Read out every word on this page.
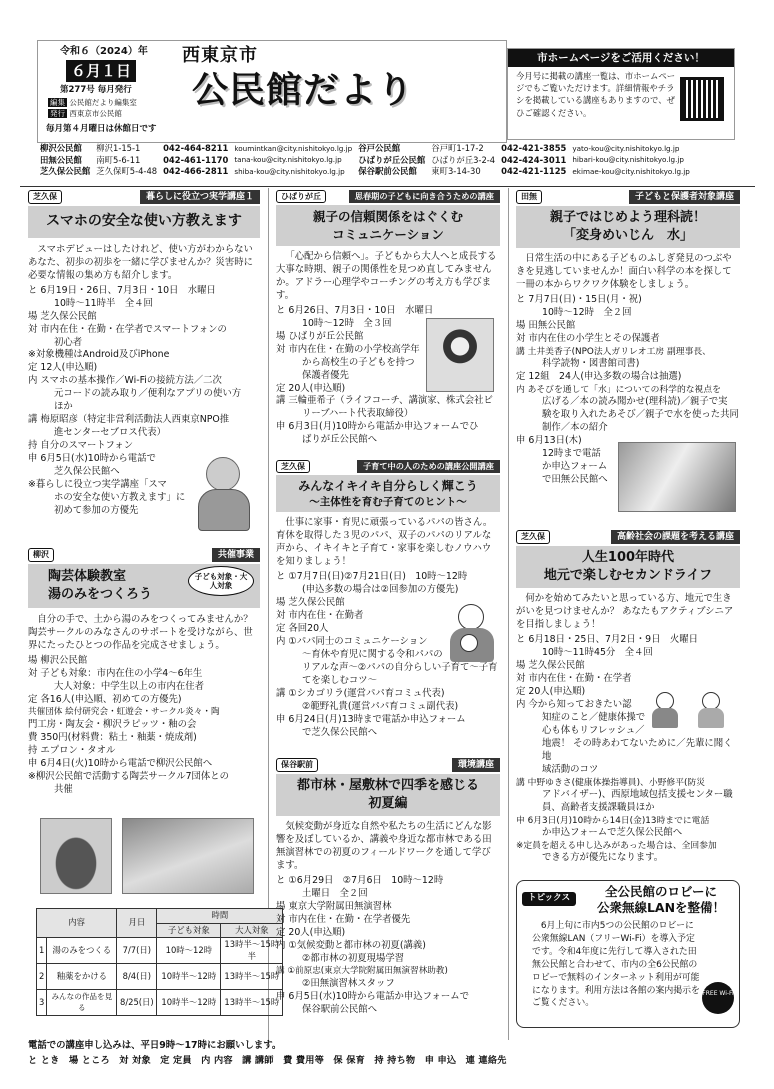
令和６（2024）年
６月１日
第277号 毎月発行
編集 公民館だより編集室
発行 西東京市公民館
毎月第４月曜日は休館日です
西東京市
公民館だより
市ホームページをご活用ください！
今月号に掲載の講座一覧は、市ホームページでもご覧いただけます。詳細情報やチラシを掲載している講座もありますので、ぜひご確認ください。
柳沢公民館	柳沢1-15-1	042-464-8211	koumintkan@city.nishitokyo.lg.jp	谷戸公民館	谷戸町1-17-2	042-421-3855	yato-kou@city.nishitokyo.lg.jp
田無公民館	南町5-6-11	042-461-1170	tana-kou@city.nishitokyo.lg.jp	ひばりが丘公民館	ひばりが丘3-2-4	042-424-3011	hibari-kou@city.nishitokyo.lg.jp
芝久保公民館	芝久保町5-4-48	042-466-2811	shiba-kou@city.nishitokyo.lg.jp	保谷駅前公民館	東町3-14-30	042-421-1125	ekimae-kou@city.nishitokyo.lg.jp
芝久保	暮らしに役立つ実学講座１
スマホの安全な使い方教えます

スマホデビューはしたけれど、使い方がわからないあなた、初歩の初歩を一緒に学びませんか？災害時に必要な情報の集め方も紹介します。

と 6月19日・26日、7月3日・10日　水曜日
10時～11時半　全４回
場 芝久保公民館
対 市内在住・在勤・在学者でスマートフォンの
初心者
※対象機種はAndroid及びiPhone
定 12人(申込順)
内 スマホの基本操作／Wi-Fiの接続方法／二次
元コードの読み取り／便利なアプリの使い方
ほか
講 梅原昭彦（特定非営利活動法人西東京NPO推
進センターセブロス代表）
持 自分のスマートフォン
申 6月5日(水)10時から電話で
芝久保公民館へ
※暮らしに役立つ実学講座「スマ
ホの安全な使い方教えます」に
初めて参加の方優先
柳沢	共催事業
陶芸体験教室
湯のみをつくろう

自分の手で、土から湯のみをつくってみませんか？陶芸サークルのみなさんのサポートを受けながら、世界にたったひとつの作品を完成させましょう。

場 柳沢公民館
対 子ども対象：市内在住の小学4～6年生
大人対象：中学生以上の市内在住者
定 各16人(申込順、初めての方優先)
共催団体 絵付研究会・虹遊会・サークル炎々・陶
門工房・陶友会・柳沢ラピッツ・釉の会
費 350円(材料費：粘土・釉薬・焼成剤)
持 エプロン・タオル
申 6月4日(火)10時から電話で柳沢公民館へ
※柳沢公民館で活動する陶芸サークル7団体との
共催
子ども対象・大人対象
内容		月日	時間	
			子ども対象	大人対象
1	湯のみをつくる	7/7(日)	10時～12時	13時半～15時半
2	釉薬をかける	8/4(日)	10時半～12時	13時半～15時
3	みんなの作品を見る	8/25(日)	10時半～12時	13時半～15時
ひばりが丘	思春期の子どもに向き合うための講座
親子の信頼関係をはぐくむ
コミュニケーション

「心配から信頼へ」。子どもから大人へと成長する大事な時期、親子の関係性を見つめ直してみませんか。アドラー心理学やコーチングの考え方も学びます。

と 6月26日、7月3日・10日　水曜日
10時～12時　全３回
場 ひばりが丘公民館
対 市内在住・在勤の小学校高学年
から高校生の子どもを持つ
保護者優先
定 20人(申込順)
講 三輪亜希子（ライフコーチ、講演家、株式会社ビ
リーブハート代表取締役）
申 6月3日(月)10時から電話か申込フォームでひ
ばりが丘公民館へ
芝久保	子育て中の人のための講座公開講座
みんなイキイキ自分らしく輝こう
～主体性を育む子育てのヒント～

仕事に家事・育児に頑張っているパパの皆さん。育休を取得した３児のパパ、双子のパパのリアルな声から、イキイキと子育て・家事を楽しむノウハウを知りましょう！

と ①7月7日(日)②7月21日(日)　10時～12時
(申込多数の場合は②回参加の方優先)
場 芝久保公民館
対 市内在住・在勤者
定 各回20人
内 ①パパ同士のコミュニケーション
～育休や育児に関する令和パパの
リアルな声～②パパの自分らしい子育て～子育
てを楽しむコツ～
講 ①シカゴリラ(運営パパ育コミュ代表)
②範野礼貴(運営パパ育コミュ副代表)
申 6月24日(月)13時まで電話か申込フォーム
で芝久保公民館へ
保谷駅前	環境講座
都市林・屋敷林で四季を感じる
初夏編

気候変動が身近な自然や私たちの生活にどんな影響を及ぼしているか、講義や身近な都市林である田無演習林での初夏のフィールドワークを通して学びます。

と ①6月29日　②7月6日　10時～12時
土曜日　全２回
場 東京大学附属田無演習林
対 市内在住・在勤・在学者優先
定 20人(申込順)
内 ①気候変動と都市林の初夏(講義)
②都市林の初夏現場学習
講 ①前原忠(東京大学院附属田無演習林助教)
②田無演習林スタッフ
申 6月5日(水)10時から電話か申込フォームで
保谷駅前公民館へ
田無	子どもと保護者対象講座
親子ではじめよう理科読！
「変身めいじん　水」

日常生活の中にある子どものふしぎ発見のつぶやきを見逃していませんか！面白い科学の本を探して一冊の本からワクワク体験をしましょう。

と 7月7日(日)・15日(月・祝)
10時～12時　全２回
場 田無公民館
対 市内在住の小学生とその保護者
講 土井美香子(NPO法人ガリレオ工房 副理事長、
科学読物・図書館司書)
定 12組　24人(申込多数の場合は抽選)
内 あそびを通して「水」についての科学的な視点を
広げる／本の読み聞かせ(理科読)／親子で実
験を取り入れたあそび／親子で水を使った共同
制作／本の紹介
申 6月13日(木)
12時まで電話
か申込フォーム
で田無公民館へ
芝久保	高齢社会の課題を考える講座
人生100年時代
地元で楽しむセカンドライフ

何かを始めてみたいと思っている方、地元で生きがいを見つけませんか？ あなたもアクティブシニアを目指しましょう！

と 6月18日・25日、7月2日・9日　火曜日
10時～11時45分　全４回
場 芝久保公民館
対 市内在住・在勤・在学者
定 20人(申込順)
内 今から知っておきたい認
知症のこと／健康体操で
心も体もリフレッシュ／
地震！ その時あわてないために／先輩に聞く地
域活動のコツ
講 中野ゆきさ(健康体操指導員)、小野修平(防災
アドバイザー)、西原地域包括支援センター職
員、高齢者支援課職員ほか
申 6月3日(月)10時から14日(金)13時までに電話
か申込フォームで芝久保公民館へ
※定員を超える申し込みがあった場合は、全回参加
できる方が優先になります。
トピックス	全公民館のロビーに
公衆無線LANを整備！
6月上旬に市内5つの公民館のロビーに公衆無線LAN（フリーWi-Fi）を導入予定です。令和4年度に先行して導入された田無公民館と合わせて、市内の全6公民館のロビーで無料のインターネット利用が可能になります。利用方法は各館の案内掲示をご覧ください。
FREE Wi-Fi
電話での講座申し込みは、平日9時～17時にお願いします。
と とき　場 ところ　対 対象　定 定員　内 内容　講 講師　費 費用等　保 保育　持 持ち物　申 申込　連 連絡先
